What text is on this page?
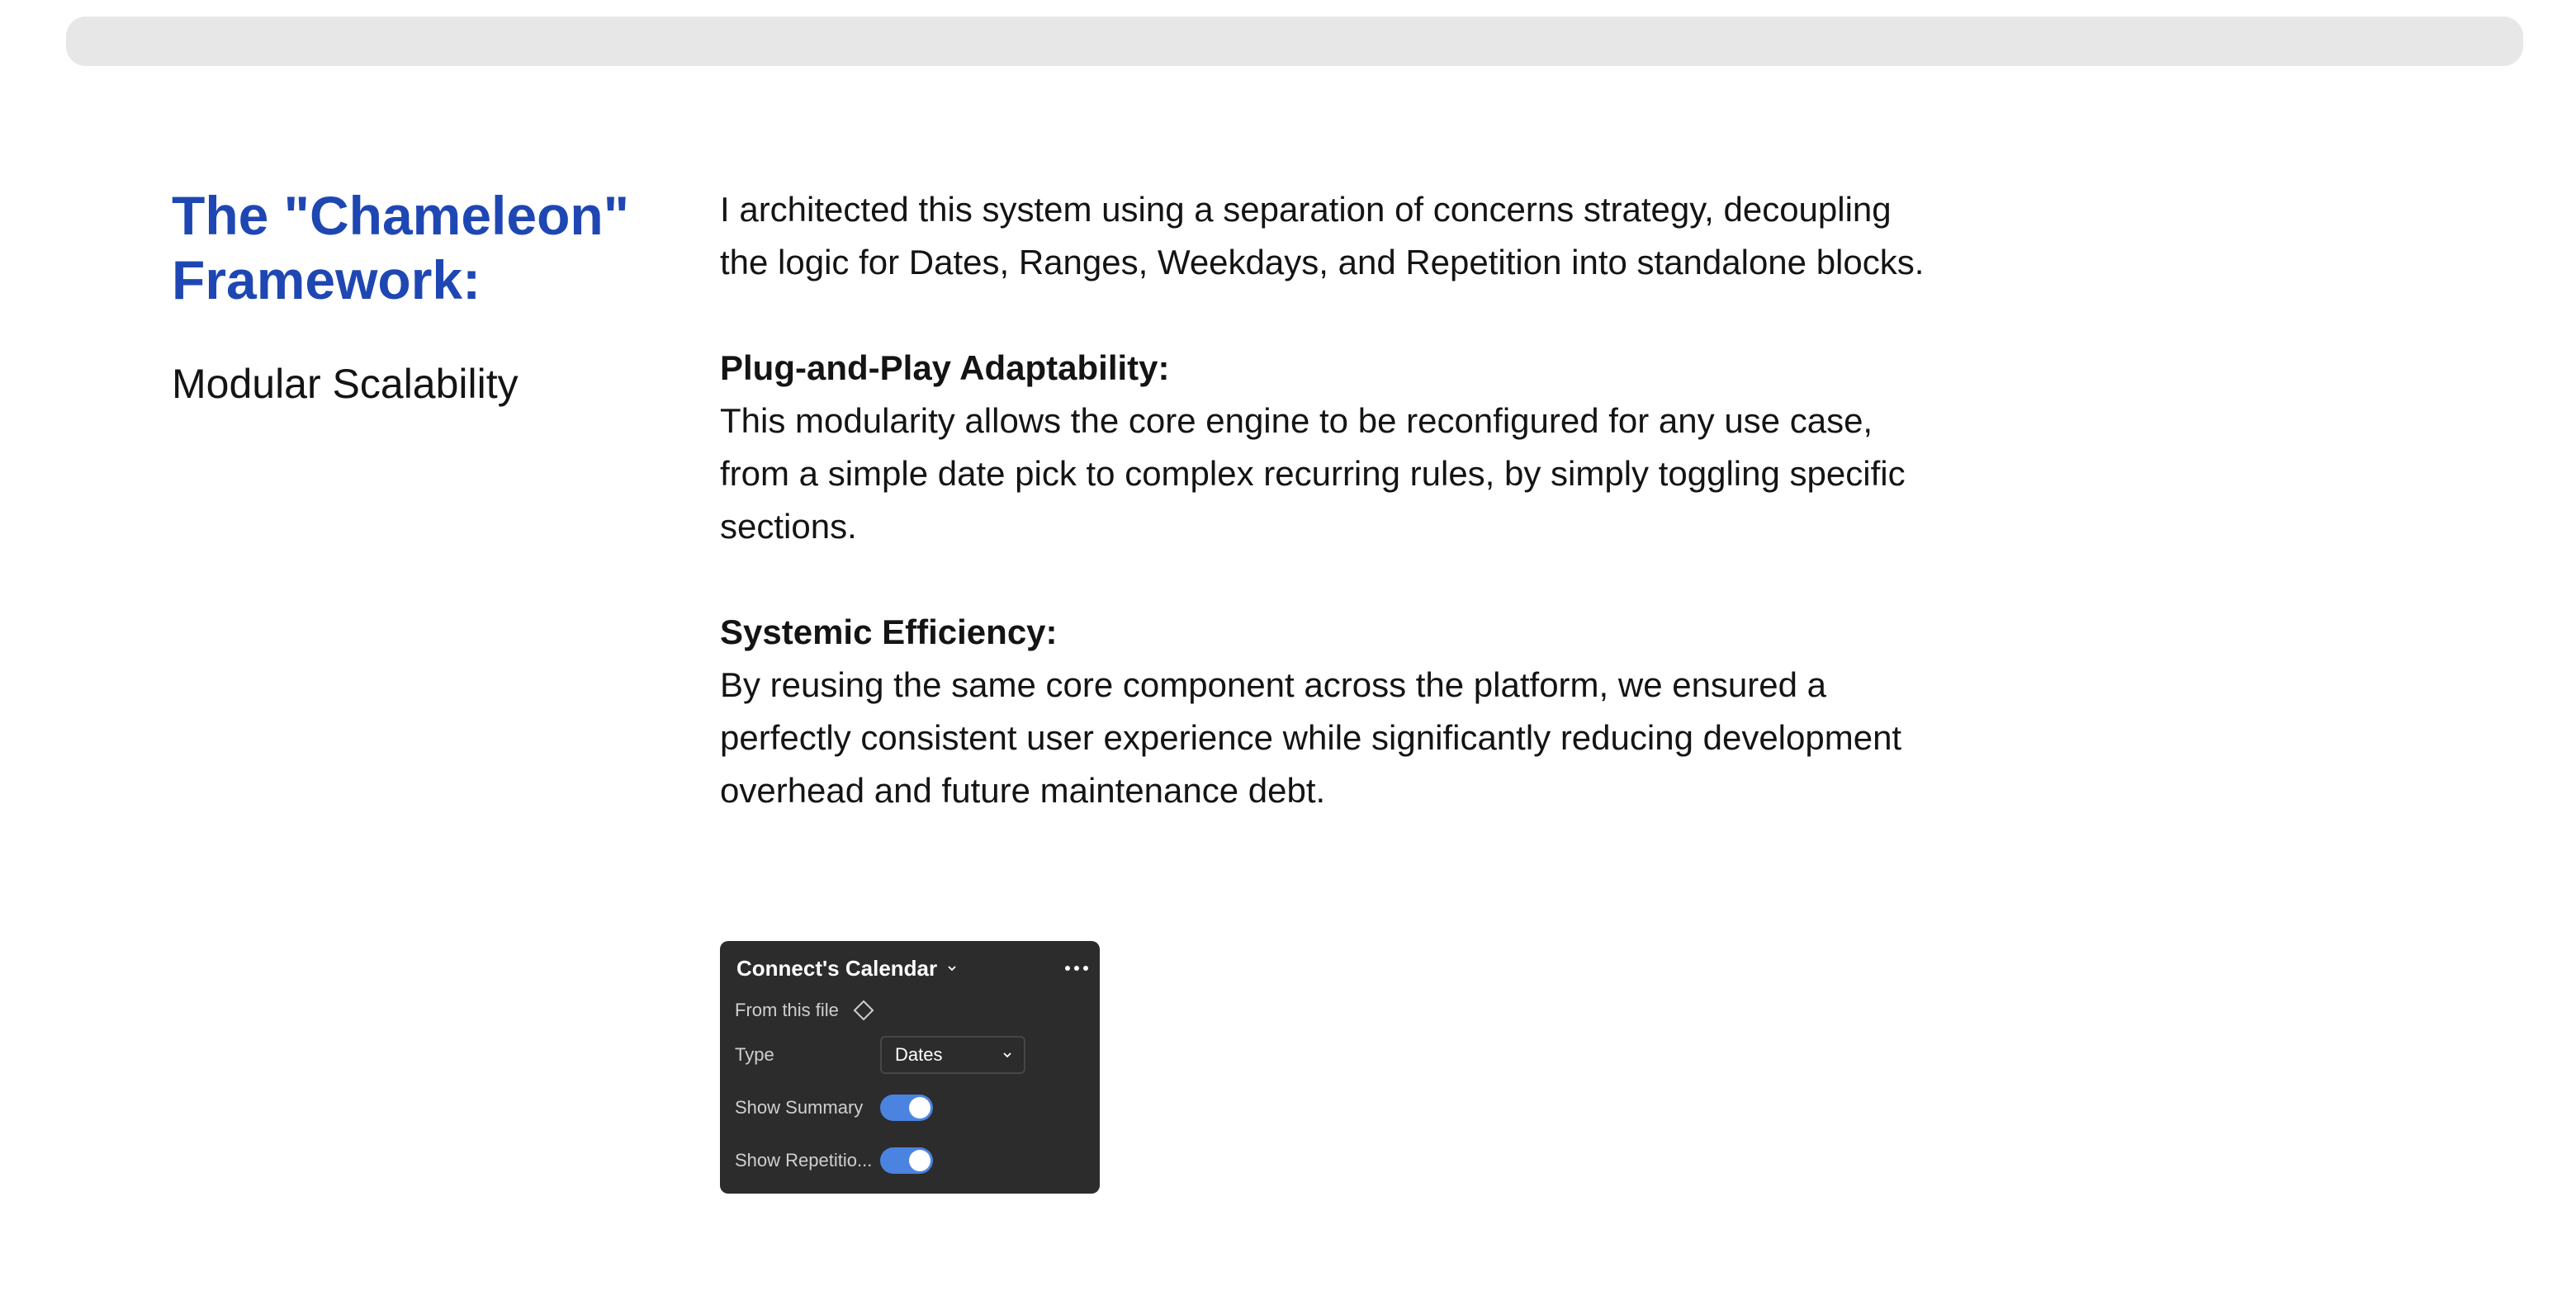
The "Chameleon" Framework:
Modular Scalability

I architected this system using a separation of concerns strategy, decoupling the logic for Dates, Ranges, Weekdays, and Repetition into standalone blocks.

Plug-and-Play Adaptability:
This modularity allows the core engine to be reconfigured for any use case, from a simple date pick to complex recurring rules, by simply toggling specific sections.

Systemic Efficiency:
By reusing the same core component across the platform, we ensured a perfectly consistent user experience while significantly reducing development overhead and future maintenance debt.

Connect's Calendar
From this file
Type	Dates
Show Summary
Show Repetitio...
